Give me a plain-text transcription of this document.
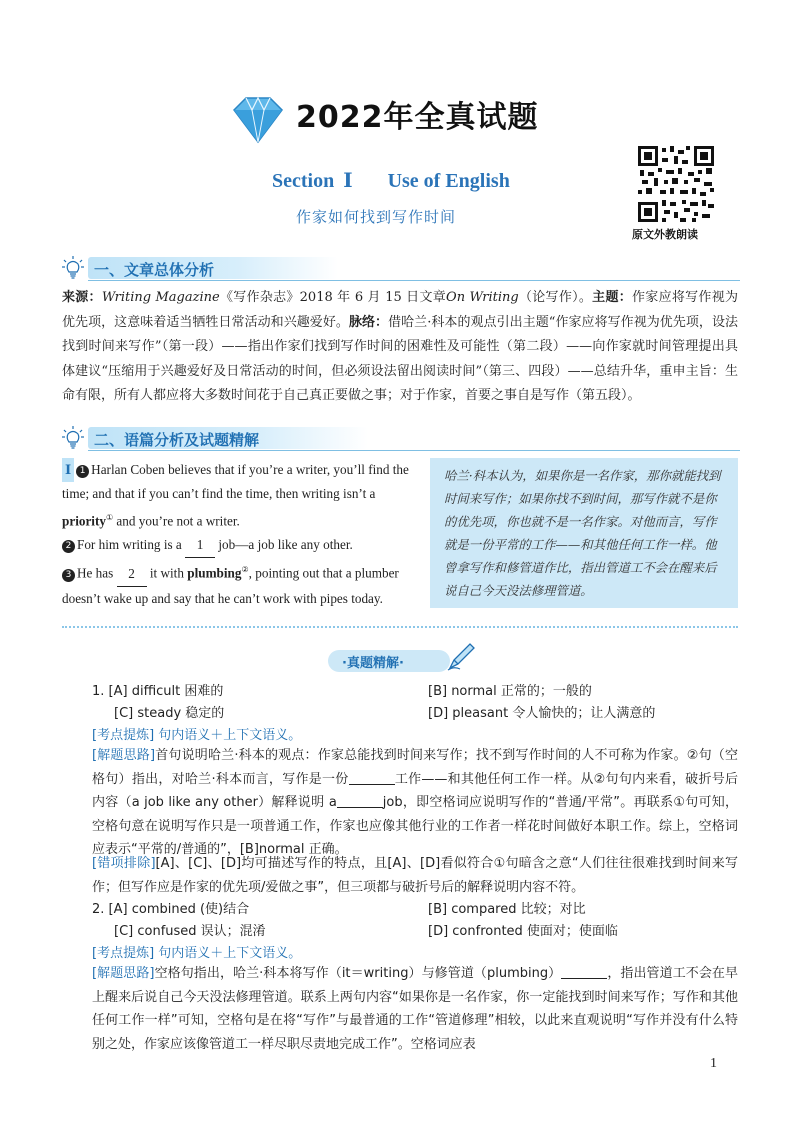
2022年全真试题
Section Ⅰ Use of English
作家如何找到写作时间
原文外教朗读
一、文章总体分析
来源：Writing Magazine《写作杂志》2018 年 6 月 15 日文章On Writing（论写作）。主题：作家应将写作视为优先项，这意味着适当牺牲日常活动和兴趣爱好。脉络：借哈兰·科本的观点引出主题“作家应将写作视为优先项，设法找到时间来写作”（第一段）——指出作家们找到写作时间的困难性及可能性（第二段）——向作家就时间管理提出具体建议“压缩用于兴趣爱好及日常活动的时间，但必须设法留出阅读时间”（第三、四段）——总结升华，重申主旨：生命有限，所有人都应将大多数时间花于自己真正要做之事；对于作家，首要之事自是写作（第五段）。
二、语篇分析及试题精解
Ⅰ 1 Harlan Coben believes that if you’re a writer, you’ll find the time; and that if you can’t find the time, then writing isn’t a priority① and you’re not a writer.
2 For him writing is a 1 job—a job like any other.
3 He has 2 it with plumbing②, pointing out that a plumber doesn’t wake up and say that he can’t work with pipes today.
哈兰·科本认为，如果你是一名作家，那你就能找到时间来写作；如果你找不到时间，那写作就不是你的优先项，你也就不是一名作家。对他而言，写作就是一份平常的工作——和其他任何工作一样。他曾拿写作和修管道作比，指出管道工不会在醒来后说自己今天没法修理管道。
·真题精解·
1. [A] difficult 困难的	[B] normal 正常的；一般的
[C] steady 稳定的	[D] pleasant 令人愉快的；让人满意的
[考点提炼] 句内语义＋上下文语义。
[解题思路]首句说明哈兰·科本的观点：作家总能找到时间来写作；找不到写作时间的人不可称为作家。②句（空格句）指出，对哈兰·科本而言，写作是一份	工作——和其他任何工作一样。从②句句内来看，破折号后内容（a job like any other）解释说明 a	job，即空格词应说明写作的“普通/平常”。再联系①句可知，空格句意在说明写作只是一项普通工作，作家也应像其他行业的工作者一样花时间做好本职工作。综上，空格词应表示“平常的/普通的”，[B]normal 正确。
[错项排除][A]、[C]、[D]均可描述写作的特点，且[A]、[D]看似符合①句暗含之意“人们往往很难找到时间来写作；但写作应是作家的优先项/爱做之事”，但三项都与破折号后的解释说明内容不符。
2. [A] combined (使)结合	[B] compared 比较；对比
[C] confused 误认；混淆	[D] confronted 使面对；使面临
[考点提炼] 句内语义＋上下文语义。
[解题思路]空格句指出，哈兰·科本将写作（it＝writing）与修管道（plumbing）	，指出管道工不会在早上醒来后说自己今天没法修理管道。联系上两句内容“如果你是一名作家，你一定能找到时间来写作；写作和其他任何工作一样”可知，空格句是在将“写作”与最普通的工作“管道修理”相较，以此来直观说明“写作并没有什么特别之处，作家应该像管道工一样尽职尽责地完成工作”。空格词应表
1
